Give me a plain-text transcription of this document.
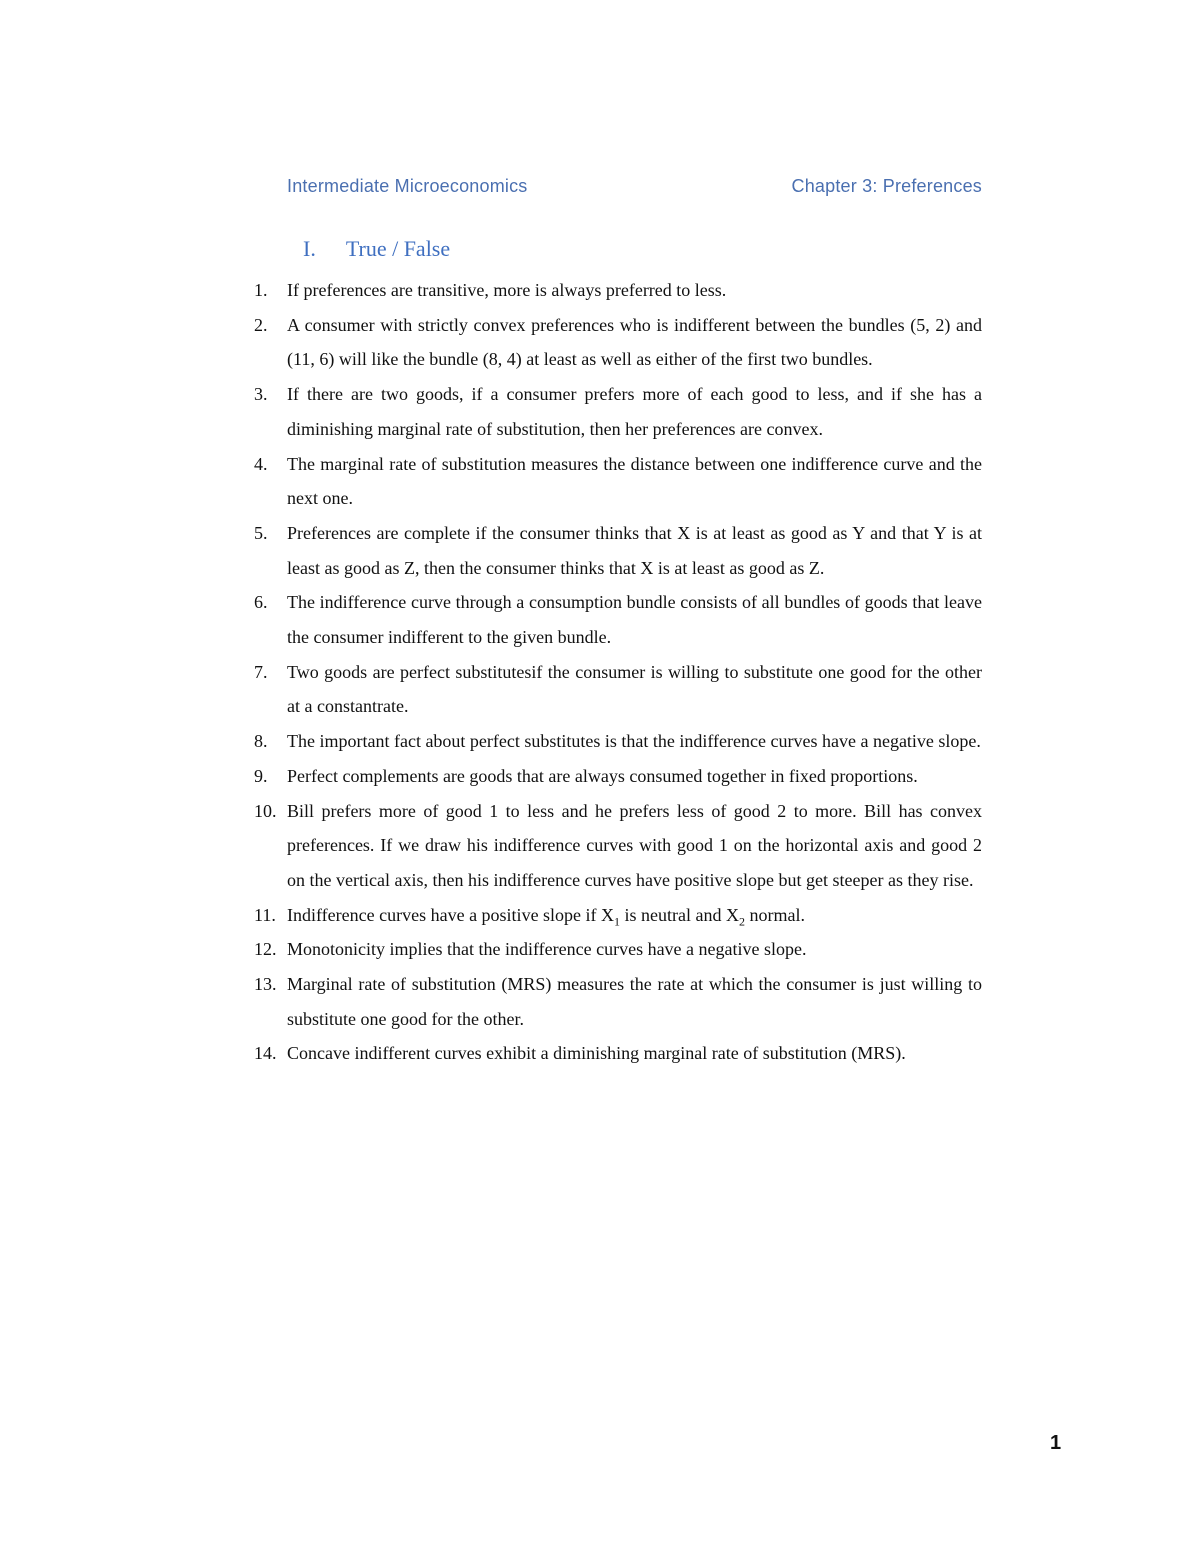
Intermediate Microeconomics	Chapter 3: Preferences
I. True / False
1.	If preferences are transitive, more is always preferred to less.
2.	A consumer with strictly convex preferences who is indifferent between the bundles (5, 2) and (11, 6) will like the bundle (8, 4) at least as well as either of the first two bundles.
3.	If there are two goods, if a consumer prefers more of each good to less, and if she has a diminishing marginal rate of substitution, then her preferences are convex.
4.	The marginal rate of substitution measures the distance between one indifference curve and the next one.
5.	Preferences are complete if the consumer thinks that X is at least as good as Y and that Y is at least as good as Z, then the consumer thinks that X is at least as good as Z.
6.	The indifference curve through a consumption bundle consists of all bundles of goods that leave the consumer indifferent to the given bundle.
7.	Two goods are perfect substitutesif the consumer is willing to substitute one good for the other at a constantrate.
8.	The important fact about perfect substitutes is that the indifference curves have a negative slope.
9.	Perfect complements are goods that are always consumed together in fixed proportions.
10. Bill prefers more of good 1 to less and he prefers less of good 2 to more. Bill has convex preferences. If we draw his indifference curves with good 1 on the horizontal axis and good 2 on the vertical axis, then his indifference curves have positive slope but get steeper as they rise.
11. Indifference curves have a positive slope if $X_1$ is neutral and $X_2$ normal.
12. Monotonicity implies that the indifference curves have a negative slope.
13. Marginal rate of substitution (MRS) measures the rate at which the consumer is just willing to substitute one good for the other.
14. Concave indifferent curves exhibit a diminishing marginal rate of substitution (MRS).
1
